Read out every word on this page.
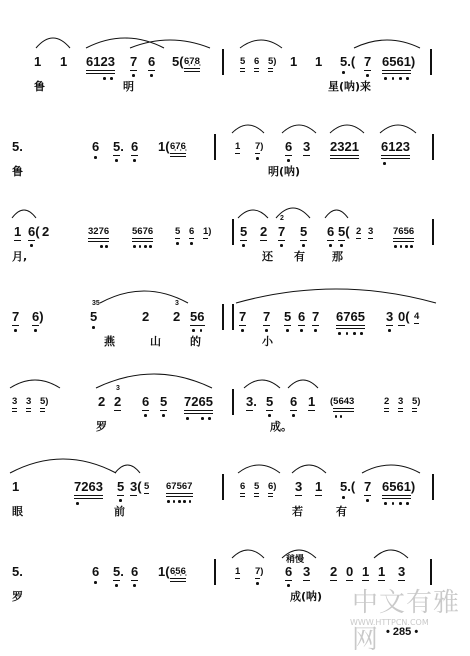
稍慢
中文有雅网
WWW.HTTPCN.COM
• 285 •
1 1 6123 7 6 5( 6̣7̣8̣	5 6 5) 1 1 5.( 7 6561)
鲁	明	星(呐)来
5.	6 5. 6 1( 6̣7̣6̣	1 7) 6 3 2321 6123
鲁	明(呐)
1 6( 2	3276 5676 5 6 1) 5 2 7
2
5 6 5( 2 3 7656
月,	还 有 那
7 6)	5
35
2 2
3
56	7 7 5 6 7 6765 3 0( 4
燕	山	的	小
3 3 5)	2 2
3
6 5 7265	3. 5 6 1 (5643	2 3 5)
罗	成。
1	7263 5 3( 5 67567	6 5 6) 3 1 5.( 7 6561)
眼	前	若	有
5.	6 5. 6 1( 6̣5̣6̣	1 7) 6 3 2 0 1 1 3
罗	成(呐)
